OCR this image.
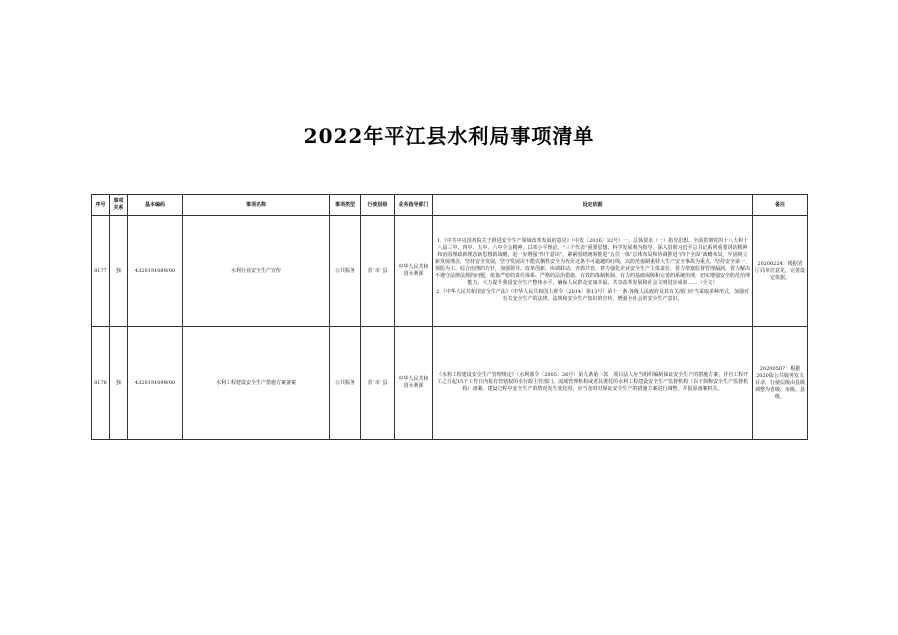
2022年平江县水利局事项清单
序号	事项关系	基本编码	事项名称	事项类型	行使层级	业务指导部门	设定依据	备注
8177	独	432019108W00	水利行业安全生产宣传	公共服务	省`市`县	中华人民共和国水利部	1.《中共中央国务院关于推进安全生产领域改革发展的意见》（中发〔2016〕32号）一、总体要求（一）指导思想。全面贯彻党的十八大和十八届三中、四中、五中、六中全会精神，以邓小平理论、“三个代表”重要思想、科学发展观为指导，深入贯彻习近平总书记系列重要讲话精神和治国理政新理念新思想新战略，进一步增强“四个意识”，紧紧围绕统筹推进“五位一体”总体布局和协调推进“四个全面”战略布局，牢固树立新发展理念，坚持安全发展，坚守发展决不能以牺牲安全为代价这条不可逾越的红线，以防范遏制重特大生产安全事故为重点，坚持安全第一、预防为主、综合治理的方针，加强领导、改革创新，协调联动、齐抓共管，着力强化企业安全生产主体责任，着力堵塞监督管理漏洞，着力解决不遵守法律法规的问题，依靠严密的责任体系、严格的法治措施、有效的体制机制、有力的基础保障和完善的系统治理，切实增强安全防范治理能力，大力提升我国安全生产整体水平，确保人民群众安康幸福、共享改革发展和社会文明进步成果……（全文）

2.《中华人民共和国安全生产法》（中华人民共和国主席令〔2014〕第13号）第十一条 各级人民政府及其有关部门应当采取多种形式，加强对有关安全生产的法律、法规和安全生产知识的宣传，增强全社会的安全生产意识。	20200224：根据省厅局单位意见，完善设定依据。
8178	独	432019109W00	水利工程建设安全生产措施方案备案	公共服务	省`市`县	中华人民共和国水利部	《水利工程建设安全生产管理规定》（水利部令〔2005〕26号）第九条第一款　项目法人应当组织编制保证安全生产的措施方案，并自工程开工之日起15个工作日内报有管辖权的水行政主管部门、流域管理机构或者其委托的水利工程建设安全生产监督机构（以下简称安全生产监督机构）备案。建设过程中安全生产的情况发生变化时，应当及时对保证安全生产的措施方案进行调整，并报原备案机关。	20200507：根据2020版公共服务发文目录，行使层级由县级调整为省级、市级、县级。
